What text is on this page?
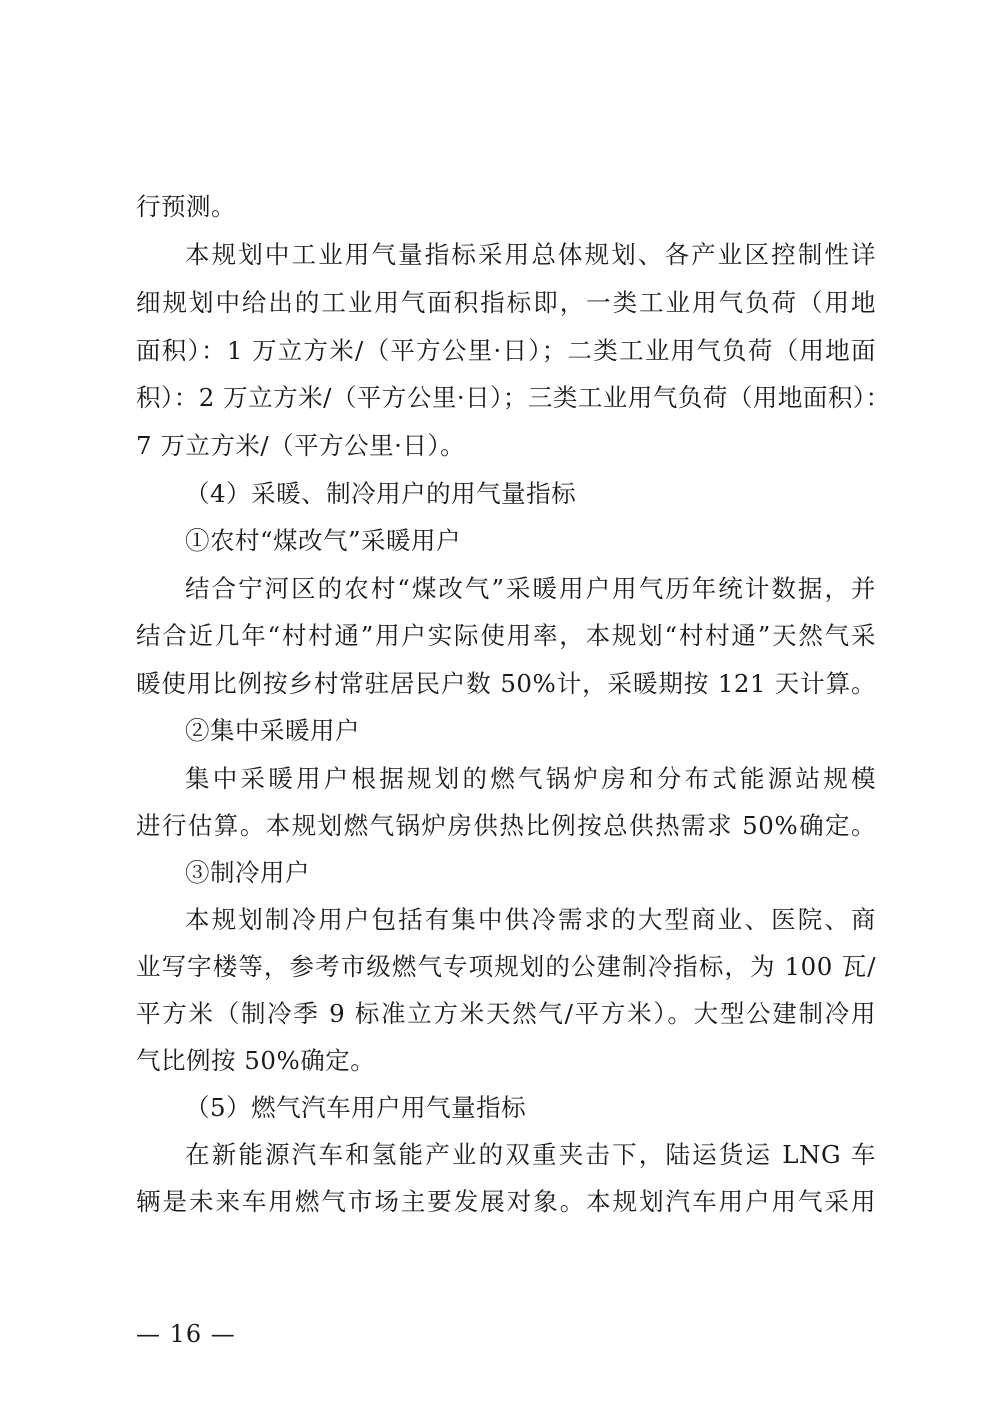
行预测。
本规划中工业用气量指标采用总体规划、各产业区控制性详
细规划中给出的工业用气面积指标即，一类工业用气负荷（用地
面积）：1 万立方米/（平方公里·日）；二类工业用气负荷（用地面
积）：2 万立方米/（平方公里·日）；三类工业用气负荷（用地面积）：
7 万立方米/（平方公里·日）。
（4）采暖、制冷用户的用气量指标
①农村“煤改气”采暖用户
结合宁河区的农村“煤改气”采暖用户用气历年统计数据，并
结合近几年“村村通”用户实际使用率，本规划“村村通”天然气采
暖使用比例按乡村常驻居民户数 50%计，采暖期按 121 天计算。
②集中采暖用户
集中采暖用户根据规划的燃气锅炉房和分布式能源站规模
进行估算。本规划燃气锅炉房供热比例按总供热需求 50%确定。
③制冷用户
本规划制冷用户包括有集中供冷需求的大型商业、医院、商
业写字楼等，参考市级燃气专项规划的公建制冷指标，为 100 瓦/
平方米（制冷季 9 标准立方米天然气/平方米）。大型公建制冷用
气比例按 50%确定。
（5）燃气汽车用户用气量指标
在新能源汽车和氢能产业的双重夹击下，陆运货运 LNG 车
辆是未来车用燃气市场主要发展对象。本规划汽车用户用气采用
— 16 —
